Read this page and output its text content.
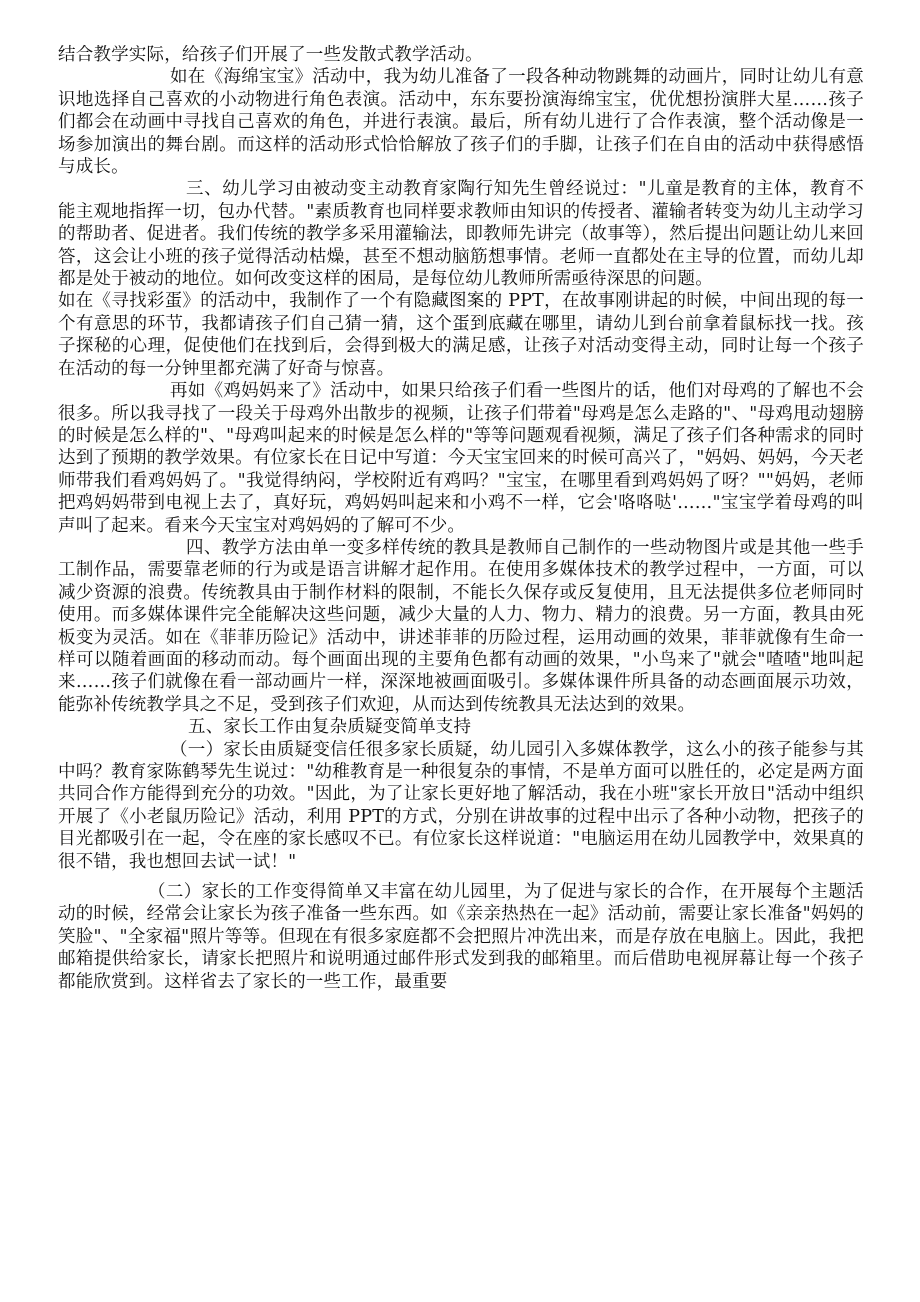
结合教学实际，给孩子们开展了一些发散式教学活动。

如在《海绵宝宝》活动中，我为幼儿准备了一段各种动物跳舞的动画片，同时让幼儿有意识地选择自己喜欢的小动物进行角色表演。活动中，东东要扮演海绵宝宝，优优想扮演胖大星……孩子们都会在动画中寻找自己喜欢的角色，并进行表演。最后，所有幼儿进行了合作表演，整个活动像是一场参加演出的舞台剧。而这样的活动形式恰恰解放了孩子们的手脚，让孩子们在自由的活动中获得感悟与成长。

三、幼儿学习由被动变主动教育家陶行知先生曾经说过："儿童是教育的主体，教育不能主观地指挥一切，包办代替。"素质教育也同样要求教师由知识的传授者、灌输者转变为幼儿主动学习的帮助者、促进者。我们传统的教学多采用灌输法，即教师先讲完（故事等），然后提出问题让幼儿来回答，这会让小班的孩子觉得活动枯燥，甚至不想动脑筋想事情。老师一直都处在主导的位置，而幼儿却都是处于被动的地位。如何改变这样的困局，是每位幼儿教师所需亟待深思的问题。

如在《寻找彩蛋》的活动中，我制作了一个有隐藏图案的 PPT，在故事刚讲起的时候，中间出现的每一个有意思的环节，我都请孩子们自己猜一猜，这个蛋到底藏在哪里，请幼儿到台前拿着鼠标找一找。孩子探秘的心理，促使他们在找到后，会得到极大的满足感，让孩子对活动变得主动，同时让每一个孩子在活动的每一分钟里都充满了好奇与惊喜。

再如《鸡妈妈来了》活动中，如果只给孩子们看一些图片的话，他们对母鸡的了解也不会很多。所以我寻找了一段关于母鸡外出散步的视频，让孩子们带着"母鸡是怎么走路的"、"母鸡甩动翅膀的时候是怎么样的"、"母鸡叫起来的时候是怎么样的"等等问题观看视频，满足了孩子们各种需求的同时达到了预期的教学效果。有位家长在日记中写道：今天宝宝回来的时候可高兴了，"妈妈、妈妈，今天老师带我们看鸡妈妈了。"我觉得纳闷，学校附近有鸡吗？"宝宝，在哪里看到鸡妈妈了呀？""妈妈，老师把鸡妈妈带到电视上去了，真好玩，鸡妈妈叫起来和小鸡不一样，它会'咯咯哒'……"宝宝学着母鸡的叫声叫了起来。看来今天宝宝对鸡妈妈的了解可不少。

四、教学方法由单一变多样传统的教具是教师自己制作的一些动物图片或是其他一些手工制作品，需要靠老师的行为或是语言讲解才起作用。在使用多媒体技术的教学过程中，一方面，可以减少资源的浪费。传统教具由于制作材料的限制，不能长久保存或反复使用，且无法提供多位老师同时使用。而多媒体课件完全能解决这些问题，减少大量的人力、物力、精力的浪费。另一方面，教具由死板变为灵活。如在《菲菲历险记》活动中，讲述菲菲的历险过程，运用动画的效果，菲菲就像有生命一样可以随着画面的移动而动。每个画面出现的主要角色都有动画的效果，"小鸟来了"就会"喳喳"地叫起来……孩子们就像在看一部动画片一样，深深地被画面吸引。多媒体课件所具备的动态画面展示功效，能弥补传统教学具之不足，受到孩子们欢迎，从而达到传统教具无法达到的效果。

五、家长工作由复杂质疑变简单支持

（一）家长由质疑变信任很多家长质疑，幼儿园引入多媒体教学，这么小的孩子能参与其中吗？教育家陈鹤琴先生说过："幼稚教育是一种很复杂的事情，不是单方面可以胜任的，必定是两方面共同合作方能得到充分的功效。"因此，为了让家长更好地了解活动，我在小班"家长开放日"活动中组织开展了《小老鼠历险记》活动，利用 PPT的方式，分别在讲故事的过程中出示了各种小动物，把孩子的目光都吸引在一起，令在座的家长感叹不已。有位家长这样说道："电脑运用在幼儿园教学中，效果真的很不错，我也想回去试一试！"

（二）家长的工作变得简单又丰富在幼儿园里，为了促进与家长的合作，在开展每个主题活动的时候，经常会让家长为孩子准备一些东西。如《亲亲热热在一起》活动前，需要让家长准备"妈妈的笑脸"、"全家福"照片等等。但现在有很多家庭都不会把照片冲洗出来，而是存放在电脑上。因此，我把邮箱提供给家长，请家长把照片和说明通过邮件形式发到我的邮箱里。而后借助电视屏幕让每一个孩子都能欣赏到。这样省去了家长的一些工作，最重要
